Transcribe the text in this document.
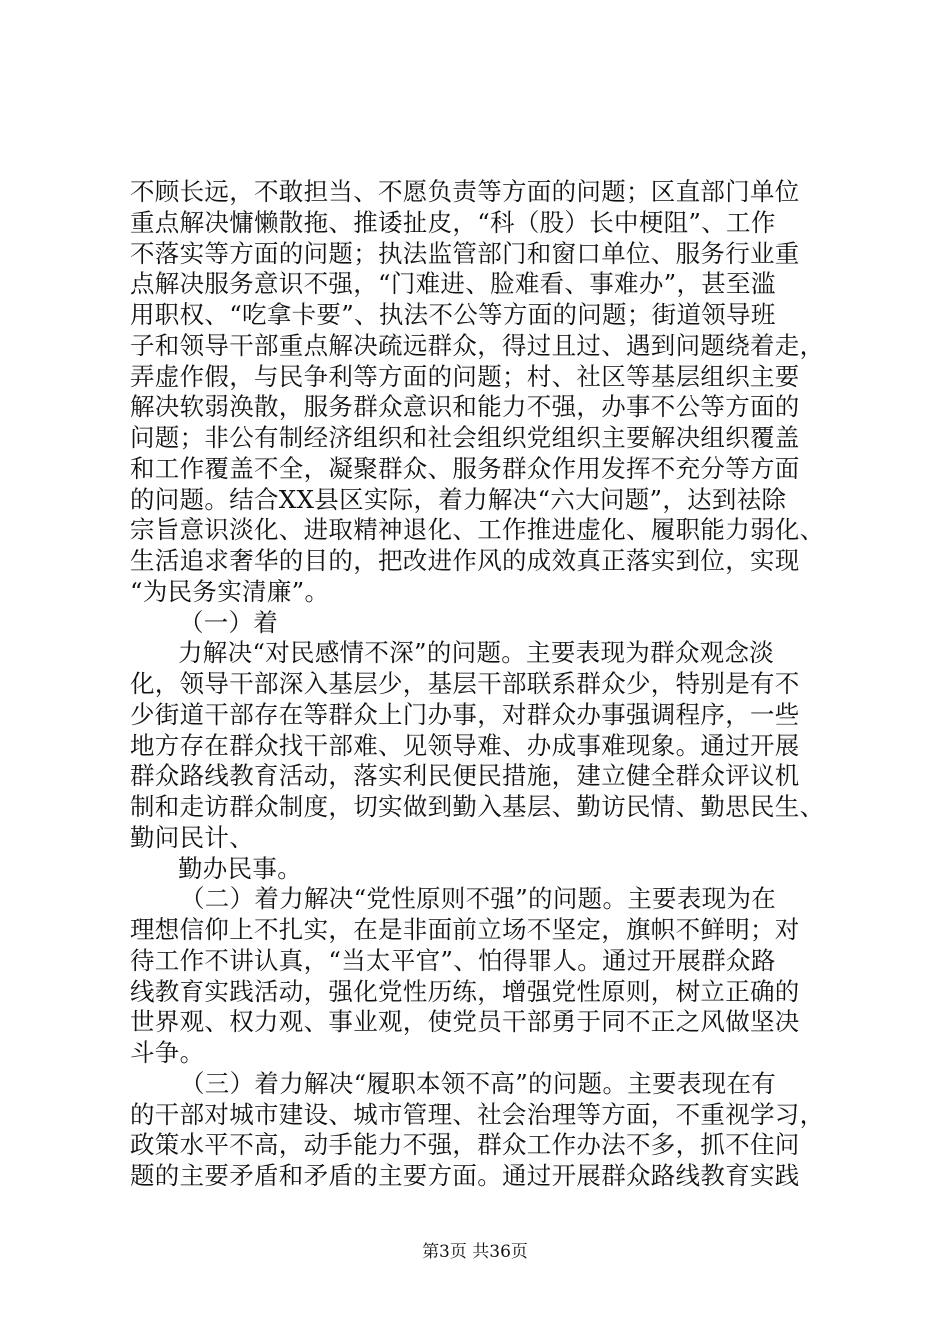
不顾长远，不敢担当、不愿负责等方面的问题；区直部门单位
重点解决慵懒散拖、推诿扯皮，“科（股）长中梗阻”、工作
不落实等方面的问题；执法监管部门和窗口单位、服务行业重
点解决服务意识不强，“门难进、脸难看、事难办”，甚至滥
用职权、“吃拿卡要”、执法不公等方面的问题；街道领导班
子和领导干部重点解决疏远群众，得过且过、遇到问题绕着走，
弄虚作假，与民争利等方面的问题；村、社区等基层组织主要
解决软弱涣散，服务群众意识和能力不强，办事不公等方面的
问题；非公有制经济组织和社会组织党组织主要解决组织覆盖
和工作覆盖不全，凝聚群众、服务群众作用发挥不充分等方面
的问题。结合XX县区实际，着力解决“六大问题”，达到祛除
宗旨意识淡化、进取精神退化、工作推进虚化、履职能力弱化、
生活追求奢华的目的，把改进作风的成效真正落实到位，实现
“为民务实清廉”。
（一）着
力解决“对民感情不深”的问题。主要表现为群众观念淡
化，领导干部深入基层少，基层干部联系群众少，特别是有不
少街道干部存在等群众上门办事，对群众办事强调程序，一些
地方存在群众找干部难、见领导难、办成事难现象。通过开展
群众路线教育活动，落实利民便民措施，建立健全群众评议机
制和走访群众制度，切实做到勤入基层、勤访民情、勤思民生、
勤问民计、
勤办民事。
（二）着力解决“党性原则不强”的问题。主要表现为在
理想信仰上不扎实，在是非面前立场不坚定，旗帜不鲜明；对
待工作不讲认真，“当太平官”、怕得罪人。通过开展群众路
线教育实践活动，强化党性历练，增强党性原则，树立正确的
世界观、权力观、事业观，使党员干部勇于同不正之风做坚决
斗争。
（三）着力解决“履职本领不高”的问题。主要表现在有
的干部对城市建设、城市管理、社会治理等方面，不重视学习，
政策水平不高，动手能力不强，群众工作办法不多，抓不住问
题的主要矛盾和矛盾的主要方面。通过开展群众路线教育实践
第3页 共36页
